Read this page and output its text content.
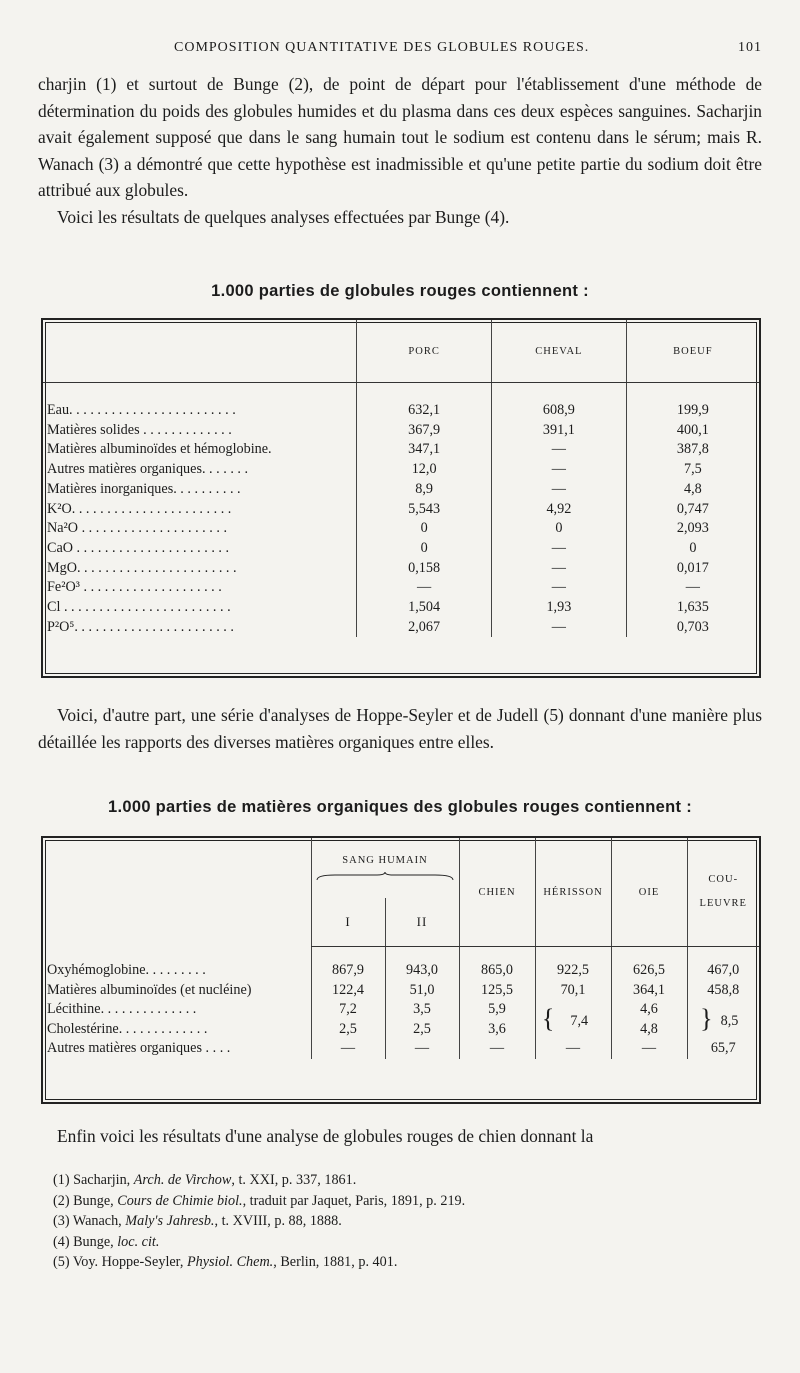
COMPOSITION QUANTITATIVE DES GLOBULES ROUGES.	101

charjin (1) et surtout de Bunge (2), de point de départ pour l'établissement d'une méthode de détermination du poids des globules humides et du plasma dans ces deux espèces sanguines. Sacharjin avait également supposé que dans le sang humain tout le sodium est contenu dans le sérum; mais R. Wanach (3) a démontré que cette hypothèse est inadmissible et qu'une petite partie du sodium doit être attribué aux globules.

Voici les résultats de quelques analyses effectuées par Bunge (4).

1.000 parties de globules rouges contiennent :
	PORC	CHEVAL	BOEUF
Eau. . . . . . . . . . . . . . . . . . . . . . . .	632,1	608,9	199,9
Matières solides . . . . . . . . . . . . .	367,9	391,1	400,1
Matières albuminoïdes et hémoglobine.	347,1	—	387,8
Autres matières organiques. . . . . . .	12,0	—	7,5
Matières inorganiques. . . . . . . . . .	8,9	—	4,8
K²O. . . . . . . . . . . . . . . . . . . . . . .	5,543	4,92	0,747
Na²O . . . . . . . . . . . . . . . . . . . . .	0	0	2,093
CaO . . . . . . . . . . . . . . . . . . . . . .	0	—	0
MgO. . . . . . . . . . . . . . . . . . . . . . .	0,158	—	0,017
Fe²O³ . . . . . . . . . . . . . . . . . . . .	—	—	—
Cl . . . . . . . . . . . . . . . . . . . . . . . .	1,504	1,93	1,635
P²O⁵. . . . . . . . . . . . . . . . . . . . . . .	2,067	—	0,703

Voici, d'autre part, une série d'analyses de Hoppe-Seyler et de Judell (5) donnant d'une manière plus détaillée les rapports des diverses matières organiques entre elles.

1.000 parties de matières organiques des globules rouges contiennent :
	SANG HUMAIN		CHIEN	HÉRISSON	OIE	COU-
LEUVRE

	I	II				
Oxyhémoglobine. . . . . . . . .	867,9	943,0	865,0	922,5	626,5	467,0
Matières albuminoïdes (et nucléine)	122,4	51,0	125,5	70,1	364,1	458,8
Lécithine. . . . . . . . . . . . . .	7,2	3,5	5,9	{ 7,4	4,6	} 8,5
Cholestérine. . . . . . . . . . . . .	2,5	2,5	3,6		4,8	
Autres matières organiques . . . .	—	—	—	—	—	65,7

Enfin voici les résultats d'une analyse de globules rouges de chien donnant la

(1) Sacharjin, Arch. de Virchow, t. XXI, p. 337, 1861.
(2) Bunge, Cours de Chimie biol., traduit par Jaquet, Paris, 1891, p. 219.
(3) Wanach, Maly's Jahresb., t. XVIII, p. 88, 1888.
(4) Bunge, loc. cit.
(5) Voy. Hoppe-Seyler, Physiol. Chem., Berlin, 1881, p. 401.
